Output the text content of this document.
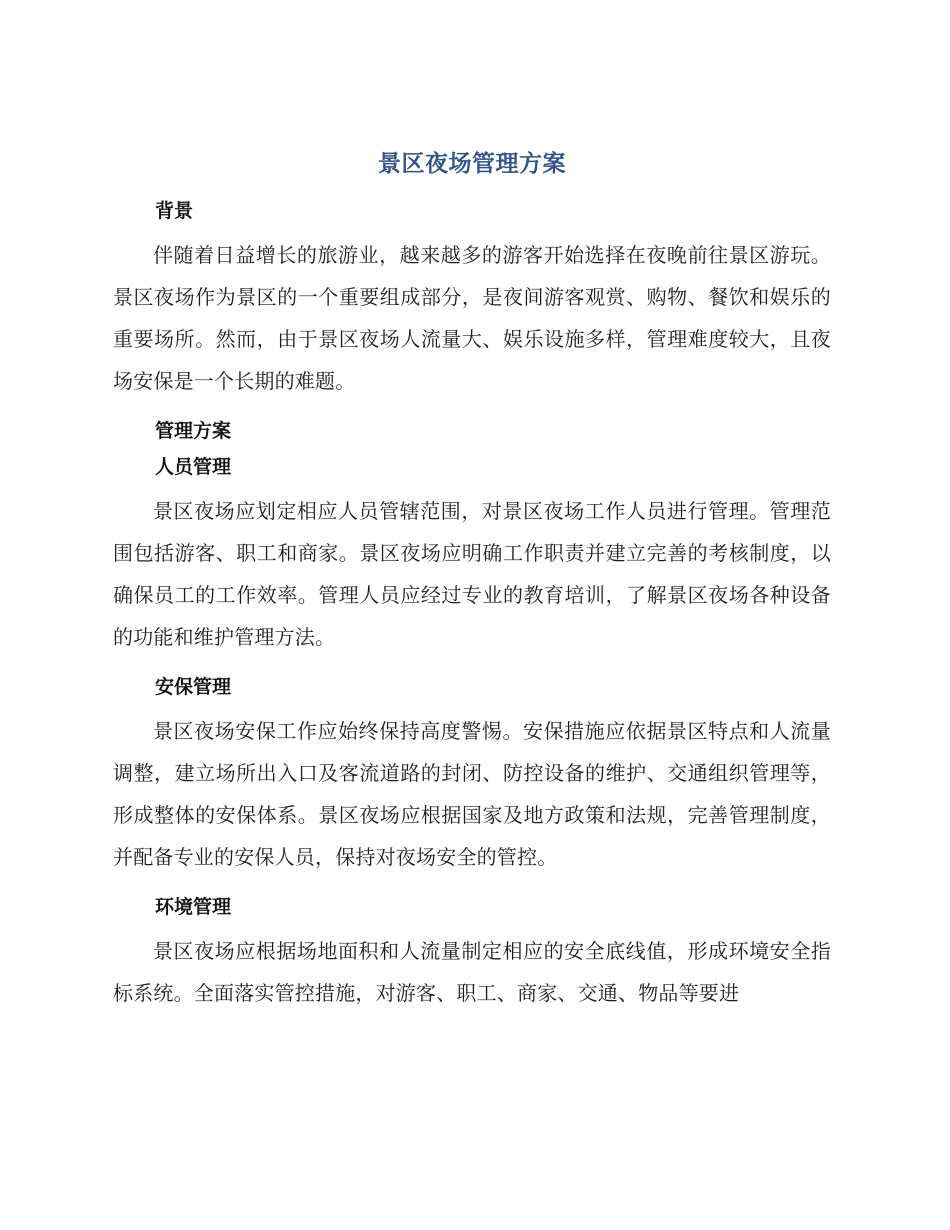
景区夜场管理方案
背景

伴随着日益增长的旅游业，越来越多的游客开始选择在夜晚前往景区游玩。景区夜场作为景区的一个重要组成部分，是夜间游客观赏、购物、餐饮和娱乐的重要场所。然而，由于景区夜场人流量大、娱乐设施多样，管理难度较大，且夜场安保是一个长期的难题。

管理方案
人员管理

景区夜场应划定相应人员管辖范围，对景区夜场工作人员进行管理。管理范围包括游客、职工和商家。景区夜场应明确工作职责并建立完善的考核制度，以确保员工的工作效率。管理人员应经过专业的教育培训，了解景区夜场各种设备的功能和维护管理方法。

安保管理

景区夜场安保工作应始终保持高度警惕。安保措施应依据景区特点和人流量调整，建立场所出入口及客流道路的封闭、防控设备的维护、交通组织管理等，形成整体的安保体系。景区夜场应根据国家及地方政策和法规，完善管理制度，并配备专业的安保人员，保持对夜场安全的管控。

环境管理

景区夜场应根据场地面积和人流量制定相应的安全底线值，形成环境安全指标系统。全面落实管控措施，对游客、职工、商家、交通、物品等要进
